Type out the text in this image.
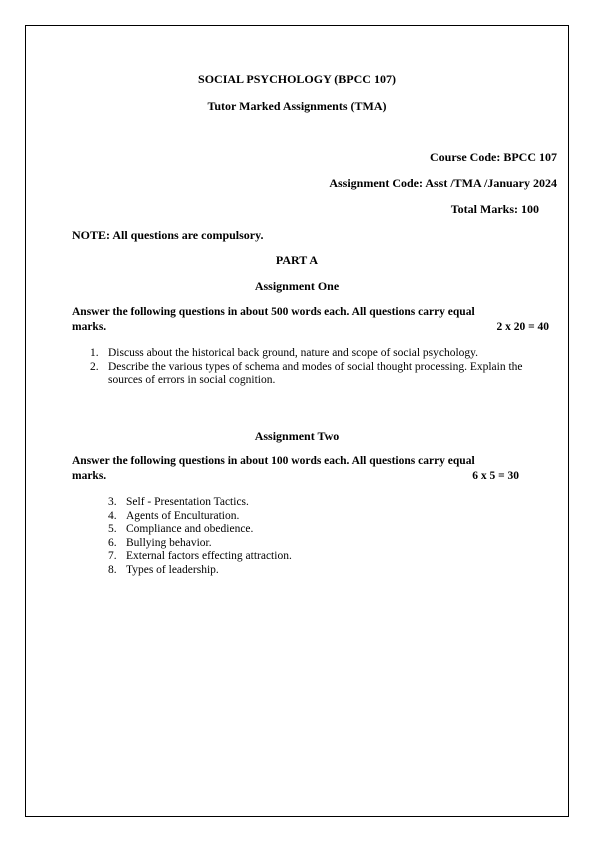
SOCIAL PSYCHOLOGY (BPCC 107)
Tutor Marked Assignments (TMA)
Course Code: BPCC 107
Assignment Code: Asst /TMA /January 2024
Total Marks: 100
NOTE: All questions are compulsory.
PART A
Assignment One
Answer the following questions in about 500 words each. All questions carry equal
marks.	2 x 20 = 40
1. Discuss about the historical back ground, nature and scope of social psychology.
2. Describe the various types of schema and modes of social thought processing. Explain the
sources of errors in social cognition.
Assignment Two
Answer the following questions in about 100 words each. All questions carry equal
marks.	6 x 5 = 30
3. Self - Presentation Tactics.
4. Agents of Enculturation.
5. Compliance and obedience.
6. Bullying behavior.
7. External factors effecting attraction.
8. Types of leadership.
